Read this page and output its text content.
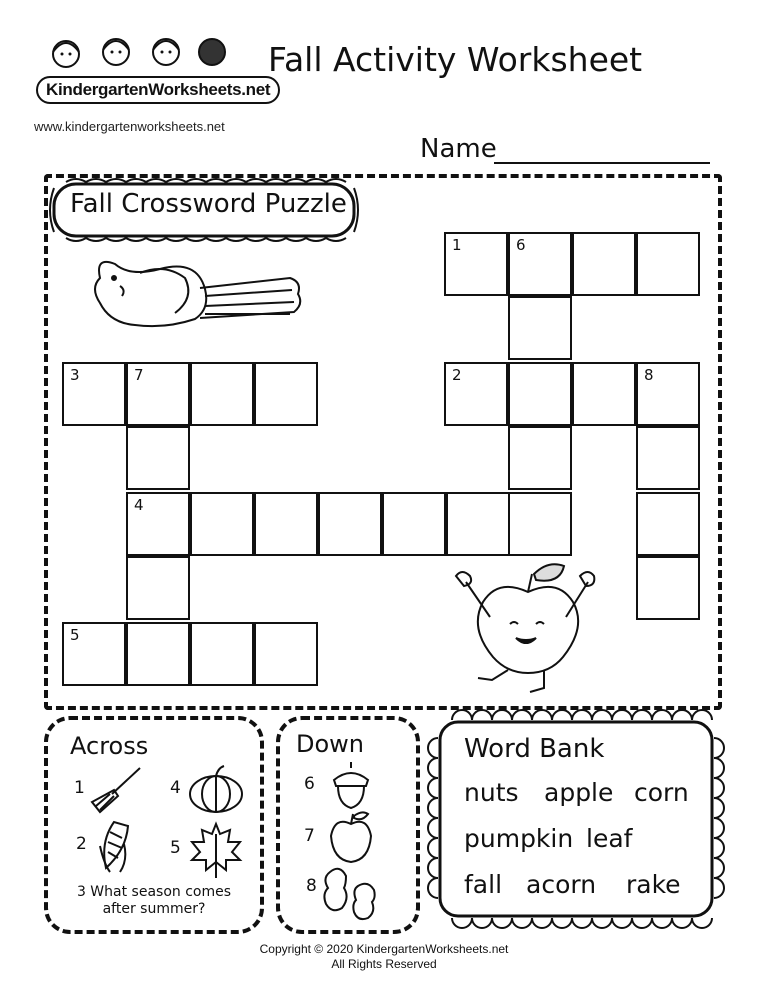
KindergartenWorksheets.net
www.kindergartenworksheets.net
Fall Activity Worksheet
Name
Fall Crossword Puzzle
1	6
3	7	2	8
4
5
Across
1	4
2	5
3 What season comes
after summer?
Down
6
7
8
Word Bank
nuts apple corn
pumpkin leaf
fall acorn rake
Copyright © 2020 KindergartenWorksheets.net
All Rights Reserved
